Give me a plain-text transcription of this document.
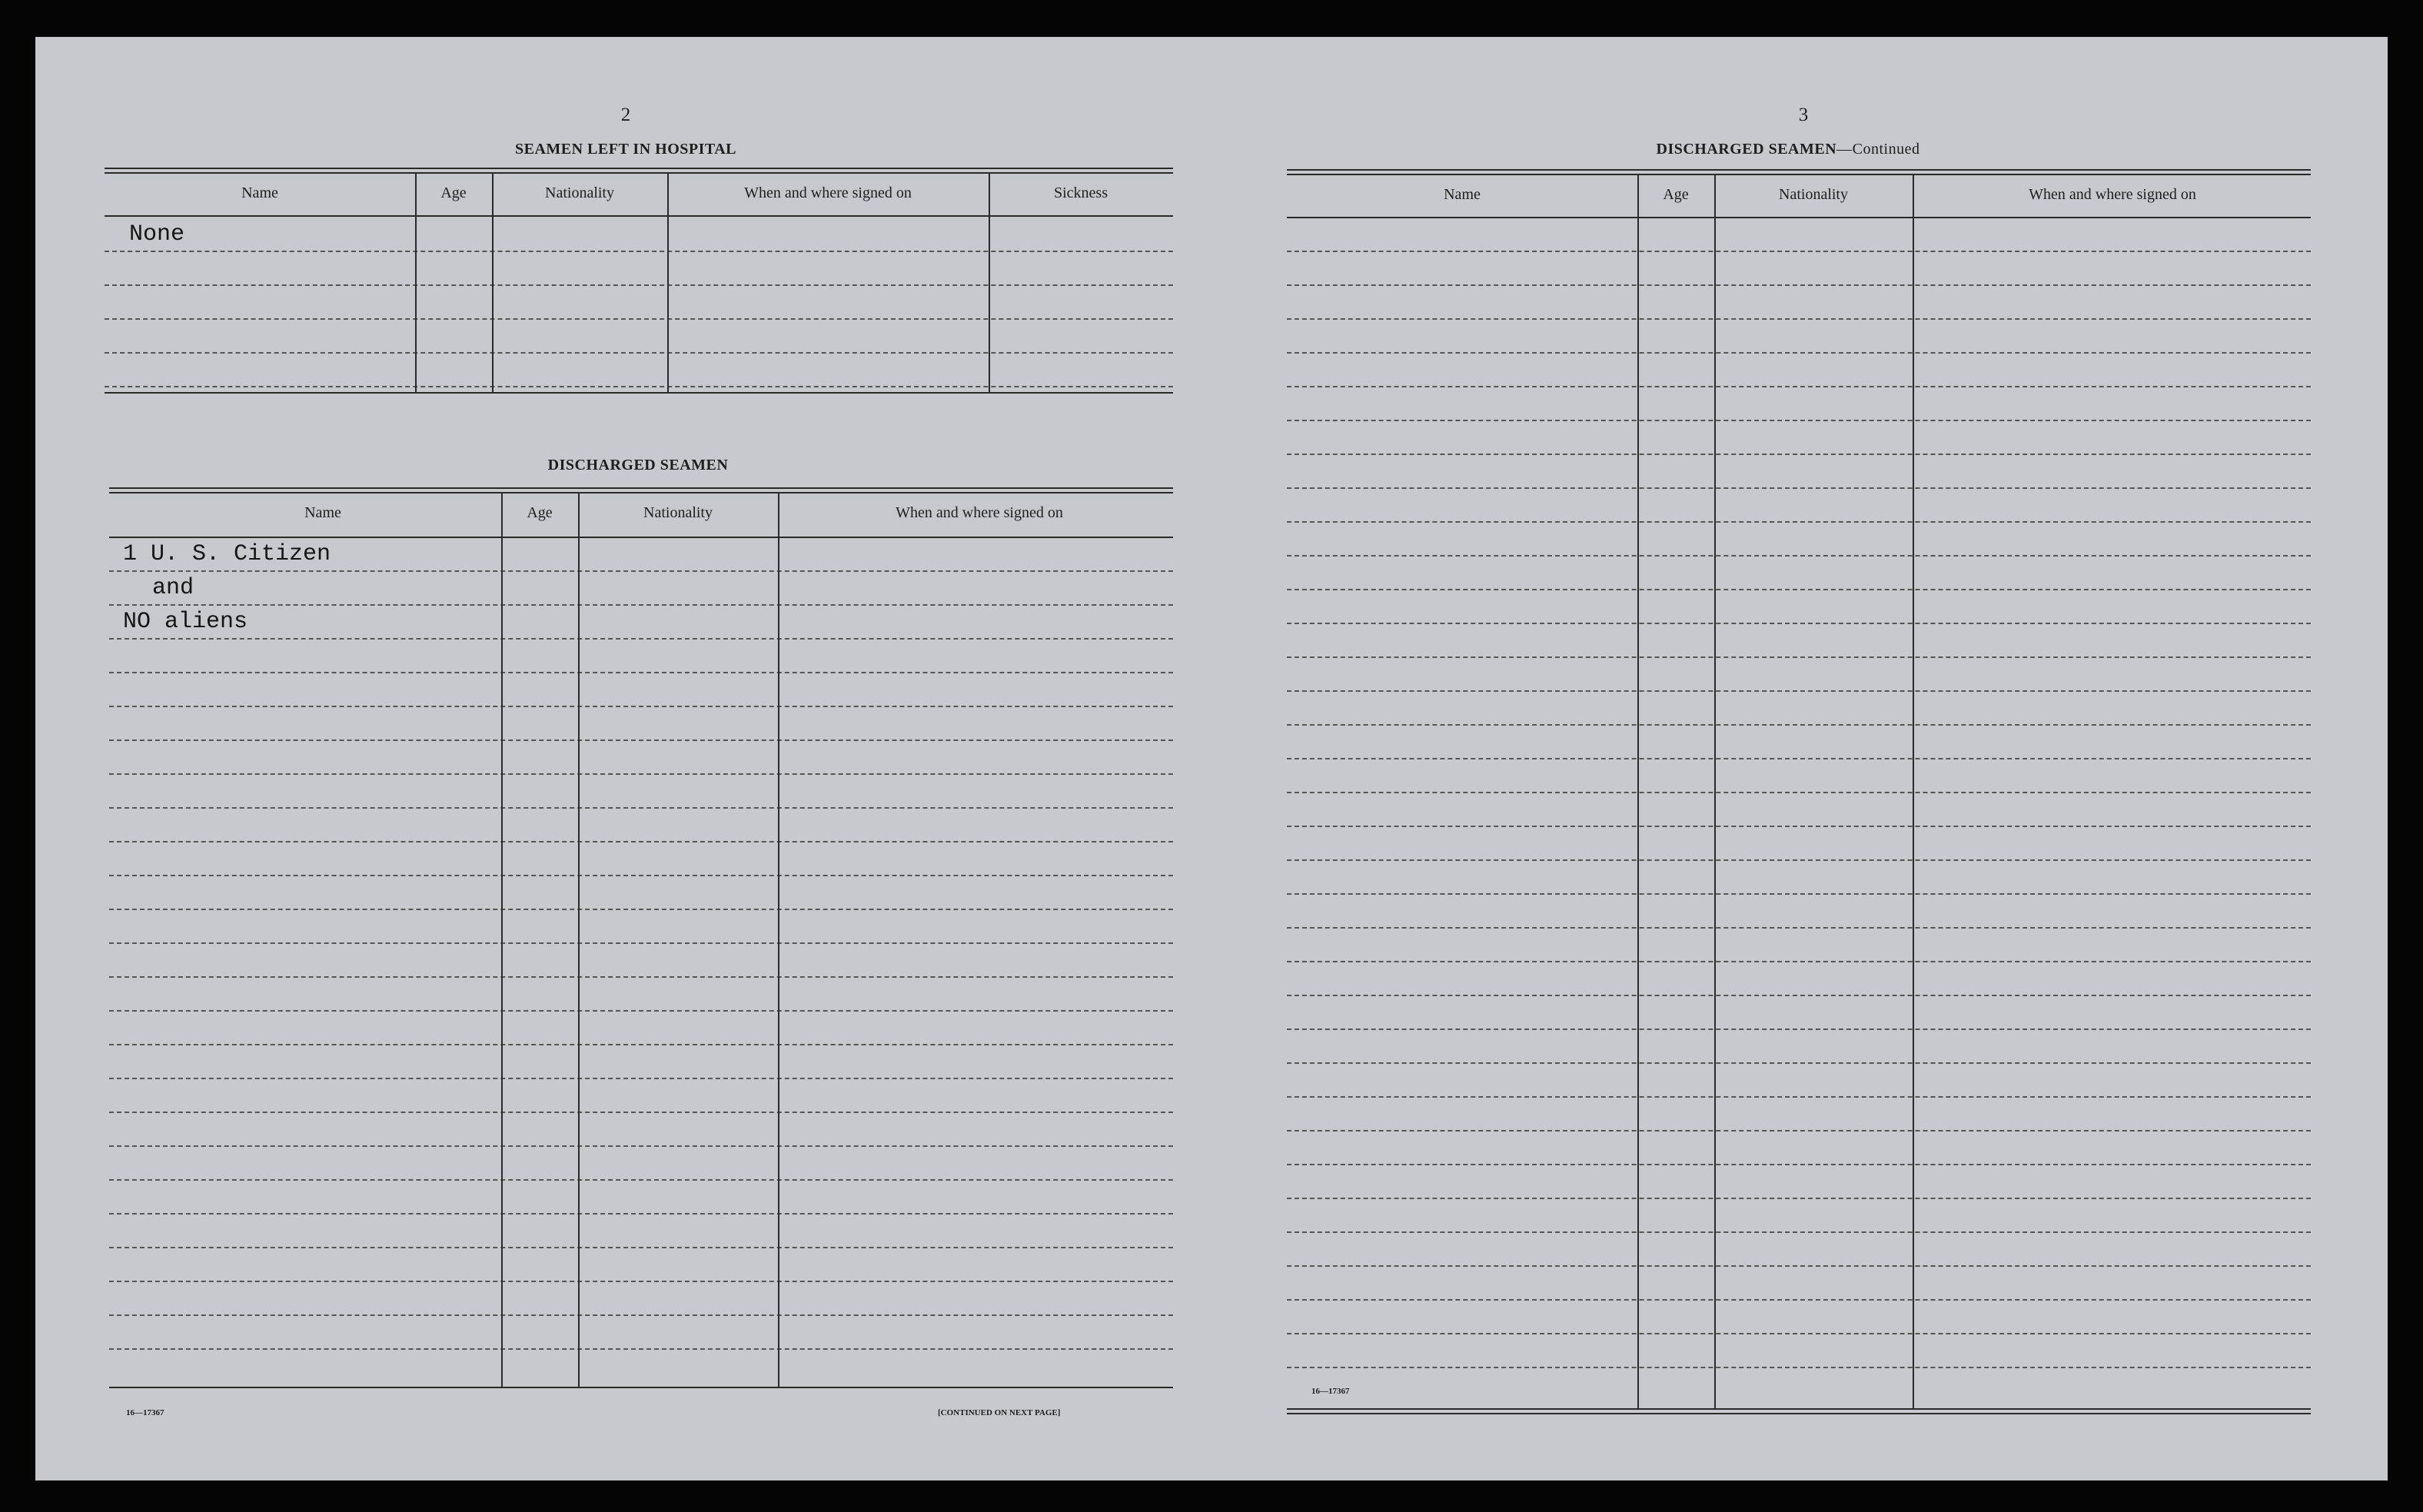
2
SEAMEN LEFT IN HOSPITAL
Name	Age	Nationality	When and where signed on	Sickness
None
DISCHARGED SEAMEN
Name	Age	Nationality	When and where signed on
1 U. S. Citizen
and
NO aliens
16—17367	[CONTINUED ON NEXT PAGE]
3
DISCHARGED SEAMEN—Continued
Name	Age	Nationality	When and where signed on
16—17367
